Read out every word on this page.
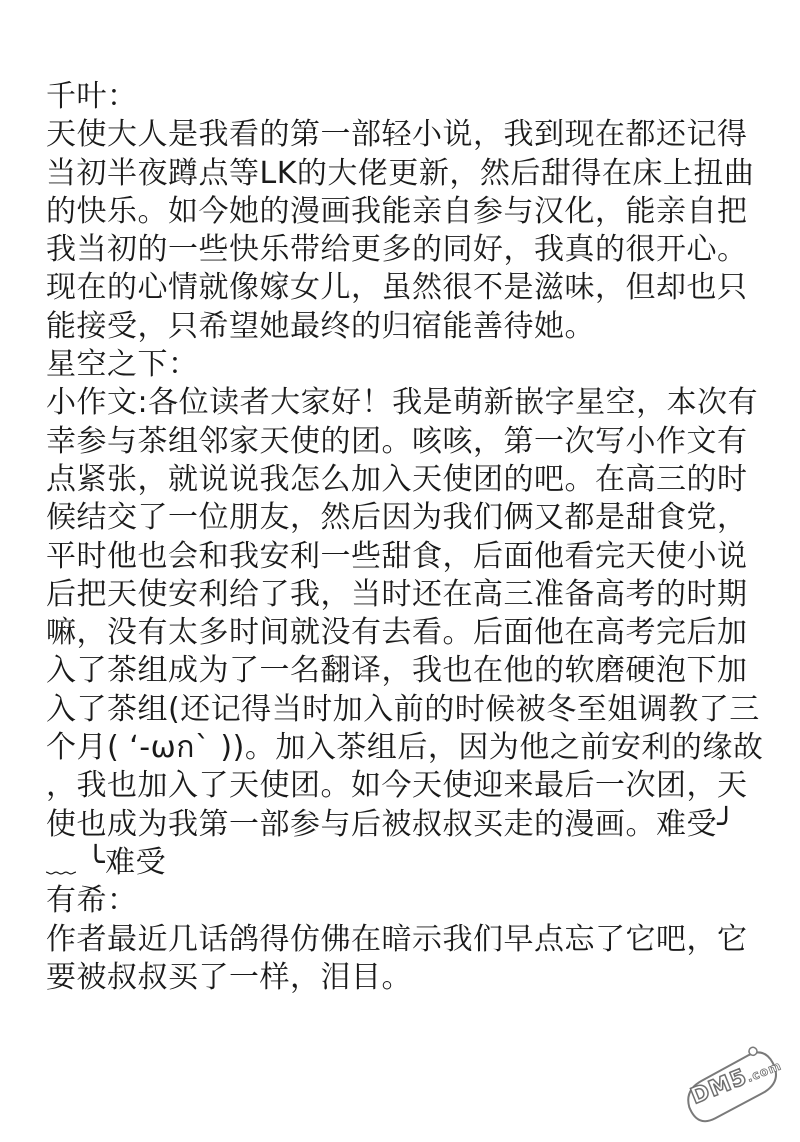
千叶：
天使大人是我看的第一部轻小说，我到现在都还记得
当初半夜蹲点等LK的大佬更新，然后甜得在床上扭曲
的快乐。如今她的漫画我能亲自参与汉化，能亲自把
我当初的一些快乐带给更多的同好，我真的很开心。
现在的心情就像嫁女儿，虽然很不是滋味，但却也只
能接受，只希望她最终的归宿能善待她。
星空之下：
小作文:各位读者大家好！我是萌新嵌字星空，本次有
幸参与茶组邻家天使的团。咳咳，第一次写小作文有
点紧张，就说说我怎么加入天使团的吧。在高三的时
候结交了一位朋友，然后因为我们俩又都是甜食党，
平时他也会和我安利一些甜食，后面他看完天使小说
后把天使安利给了我，当时还在高三准备高考的时期
嘛，没有太多时间就没有去看。后面他在高考完后加
入了茶组成为了一名翻译，我也在他的软磨硬泡下加
入了茶组(还记得当时加入前的时候被冬至姐调教了三
个月( ‘-ωก` ))。加入茶组后，因为他之前安利的缘故
，我也加入了天使团。如今天使迎来最后一次团，天
使也成为我第一部参与后被叔叔买走的漫画。难受╯
﹏ ╰难受
有希：
作者最近几话鸽得仿佛在暗示我们早点忘了它吧，它
要被叔叔买了一样，泪目。
DM5.com
